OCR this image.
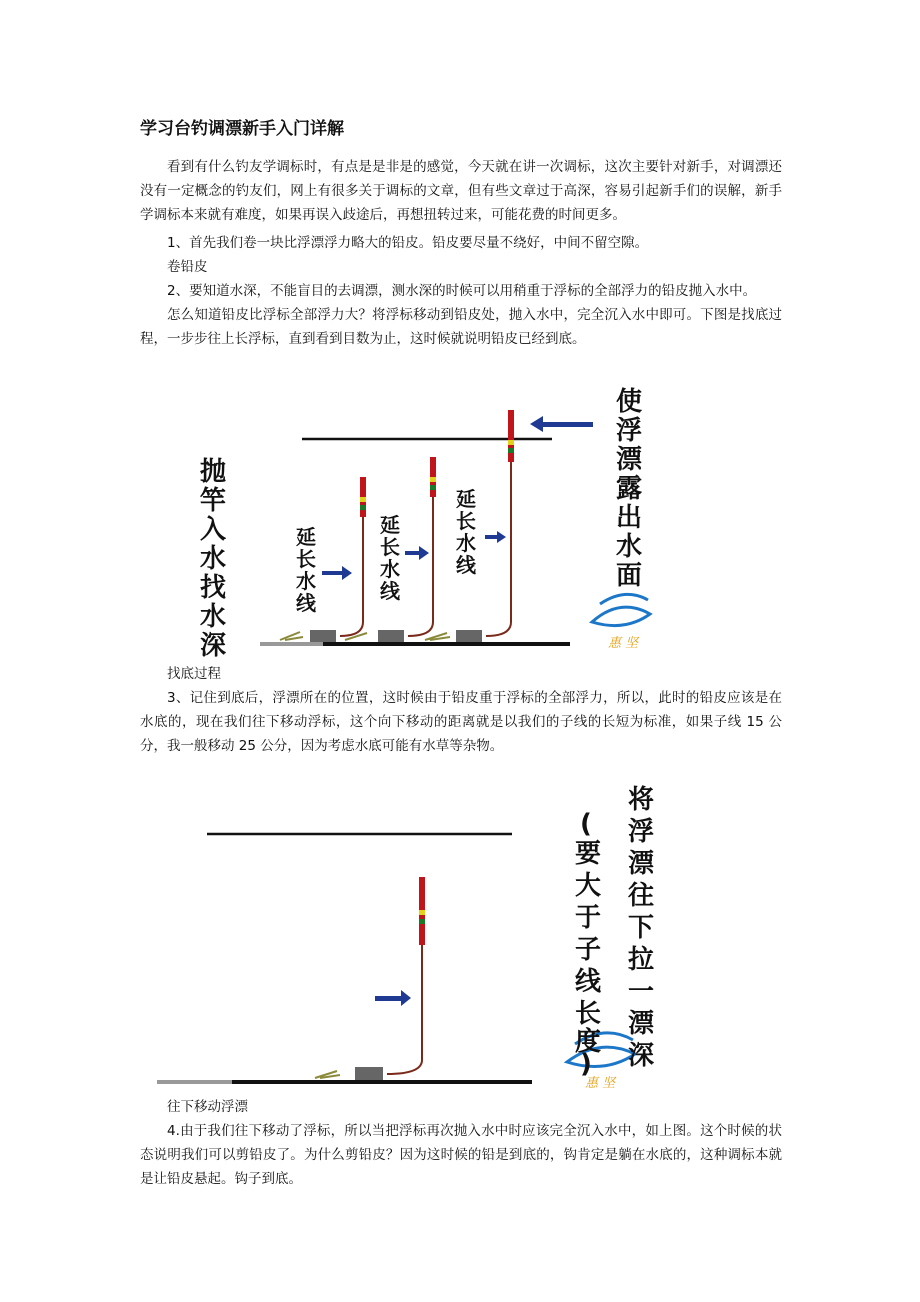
学习台钓调漂新手入门详解
看到有什么钓友学调标时，有点是是非是的感觉，今天就在讲一次调标，这次主要针对新手，对调漂还没有一定概念的钓友们，网上有很多关于调标的文章，但有些文章过于高深，容易引起新手们的误解，新手学调标本来就有难度，如果再误入歧途后，再想扭转过来，可能花费的时间更多。
1、首先我们卷一块比浮漂浮力略大的铅皮。铅皮要尽量不绕好，中间不留空隙。
卷铅皮
2、要知道水深，不能盲目的去调漂，测水深的时候可以用稍重于浮标的全部浮力的铅皮抛入水中。
怎么知道铅皮比浮标全部浮力大？将浮标移动到铅皮处，抛入水中，完全沉入水中即可。下图是找底过程，一步步往上长浮标，直到看到目数为止，这时候就说明铅皮已经到底。
惠 坚
抛
竿
入
水
找
水
深
延
长
水
线
延
长
水
线
延
长
水
线
使
浮
漂
露
出
水
面
找底过程
3、记住到底后，浮漂所在的位置，这时候由于铅皮重于浮标的全部浮力，所以，此时的铅皮应该是在水底的，现在我们往下移动浮标，这个向下移动的距离就是以我们的子线的长短为标准，如果子线 15 公分，我一般移动 25 公分，因为考虑水底可能有水草等杂物。
惠 坚
将
浮
漂
往
下
拉
一
漂
深
(
要
大
于
子
线
长
度
)
往下移动浮漂
4.由于我们往下移动了浮标，所以当把浮标再次抛入水中时应该完全沉入水中，如上图。这个时候的状态说明我们可以剪铅皮了。为什么剪铅皮？因为这时候的铅是到底的，钩肯定是躺在水底的，这种调标本就是让铅皮悬起。钩子到底。
